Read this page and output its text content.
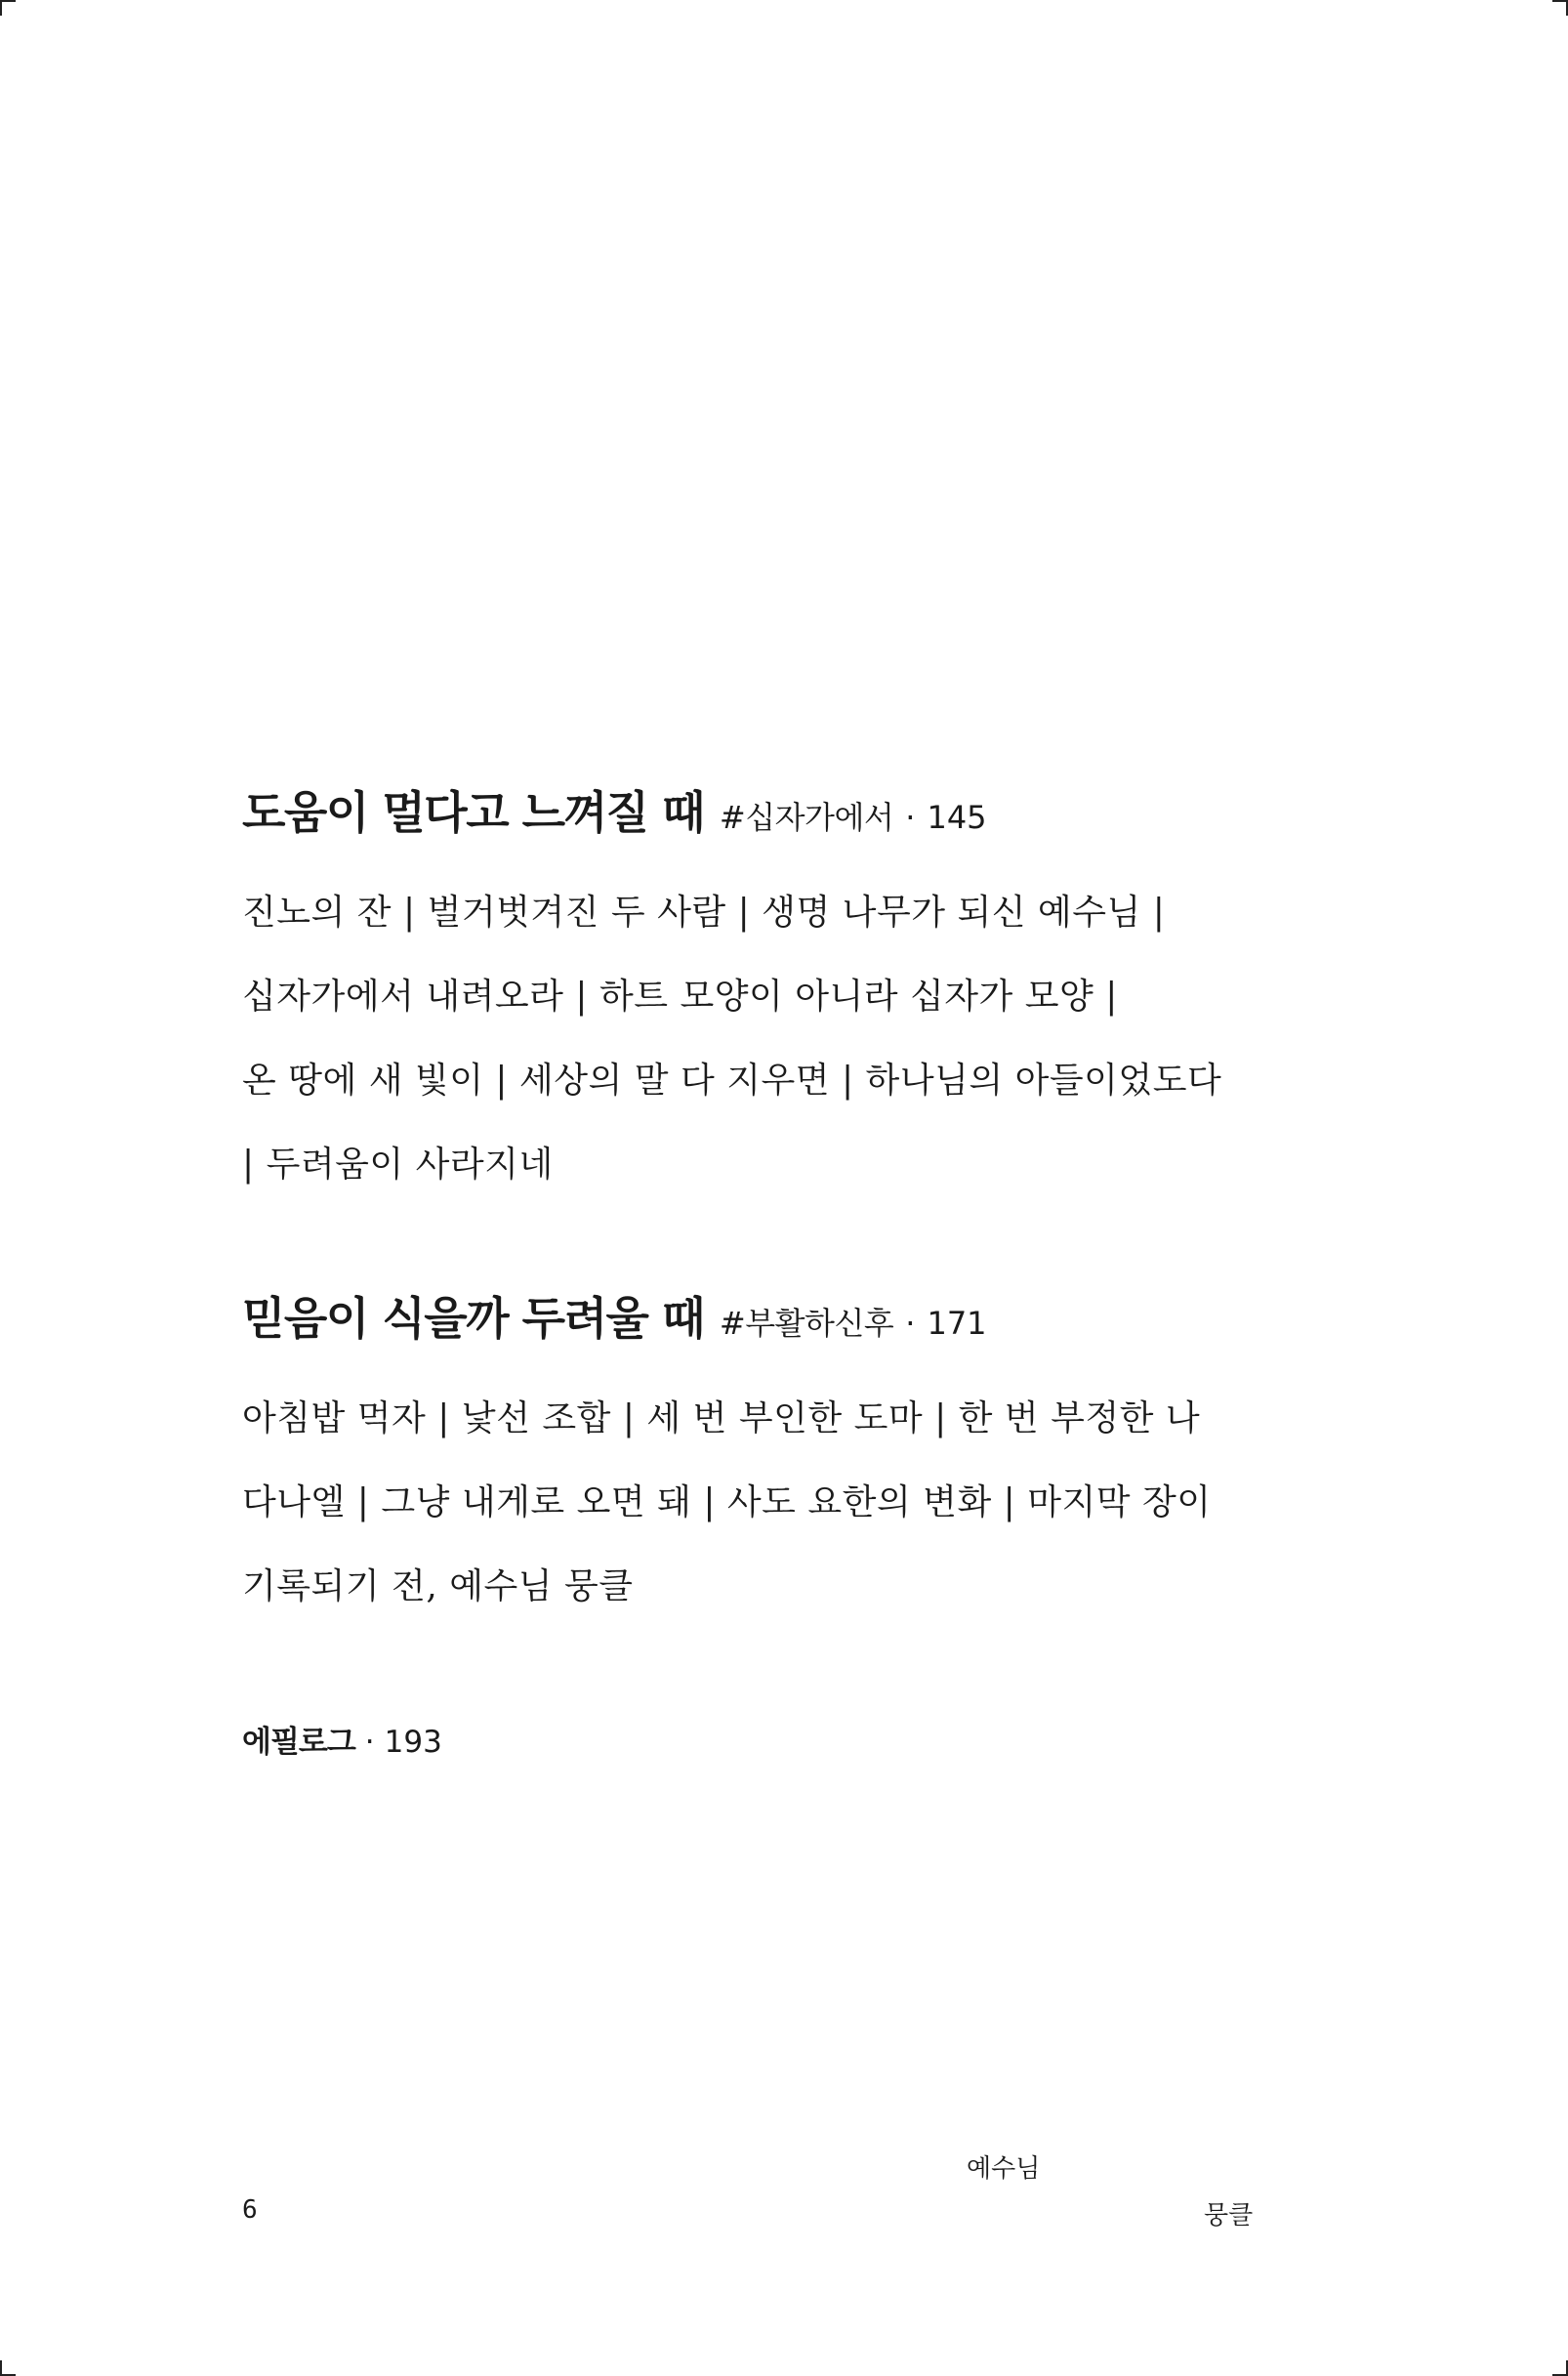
도움이 멀다고 느껴질 때 #십자가에서 · 145

진노의 잔 | 벌거벗겨진 두 사람 | 생명 나무가 되신 예수님 |
십자가에서 내려오라 | 하트 모양이 아니라 십자가 모양 |
온 땅에 새 빛이 | 세상의 말 다 지우면 | 하나님의 아들이었도다
| 두려움이 사라지네

믿음이 식을까 두려울 때 #부활하신후 · 171

아침밥 먹자 | 낯선 조합 | 세 번 부인한 도마 | 한 번 부정한 나
다나엘 | 그냥 내게로 오면 돼 | 사도 요한의 변화 | 마지막 장이
기록되기 전, 예수님 뭉클

에필로그 · 193
6
예수님
뭉클
